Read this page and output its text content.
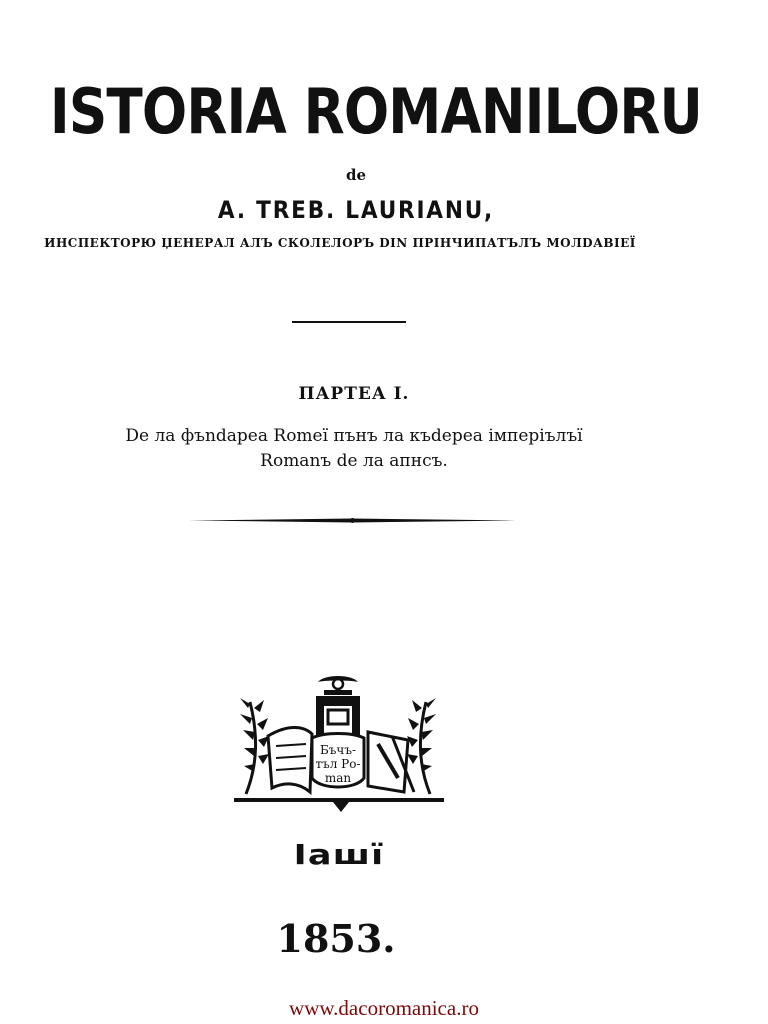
ISTORIA ROMANILORU
de
A. TREB. LAURIANU,
ИНСПЕКТОРЮ ЏЕНЕРАЛ АЛЪ СКОЛЕЛОРЪ DIN ПРІНЧИПАТЪЛЪ МОЛDАВІЕЇ
ПАРТЕА I.
De ла фъndaрea Romeї пънъ ла къdeрea імперіълъї
Romanъ de ла апнсъ.
Бъчъ-
тъл Ро-
man
Іашї
1853.
www.dacoromanica.ro
